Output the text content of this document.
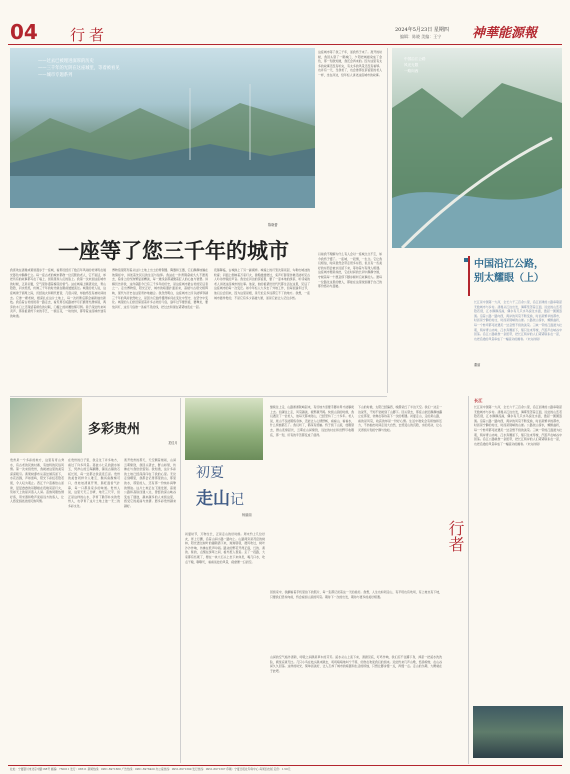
04 行者	2024年5月23日 星期四
编辑：陈晓 美编：王宁 神華能源報
——过去已被埋进深厚的历史
——三千年的光阴在这座城里，等着被看见
——城市专题系列
一座等了您三千年的城市
陈晓蕾
我喜欢在清晨或黄昏漫步于一座城，看那些经历了数百年风雨的老建筑在晨光暮色中静静伫立。每一座古老的城市都像一位沉默的老人，它不说话，却把所有的故事都写在了墙上、街巷里和人们的脸上。我第一次来到这座城市的时候，正是初夏，空气里弥漫着槐花的香气。站在城墙上眺望远处，青山隐隐，河水悠悠，仿佛三千年的时光就在眼前缓缓流过。城里的老人说，这座城建于商周之际，历经战火和朝代更替，几度兴衰，却始终没有被时间抹去。它像一棵老树，根深扎在这片土地上，每一次折断后都会重新抽出新枝。我沿着古老的街巷一路走去，看见青石板路被岁月打磨得光滑如镜，两旁的木门上还残留着褪色的对联，门楣上的砖雕依稀可辨。巷子深处传来叫卖声，那是祖辈传下来的手艺，一碗豆花，一块烧饼，都带着这座城市独有的味道。
博物馆里陈列着从这片土地上出土的青铜器、陶器和玉器，它们静静地躺在玻璃柜中，讲述着先民们的生活与信仰。我站在一件青铜鼎前久久不愿离去，鼎身上的纹饰繁复而精美，每一道线条都凝聚着匠人的心血与智慧。讲解员告诉我，这件鼎距今已有三千多年的历史，是这座城市最古老的见证者之一。走出博物馆，阳光正好，城市的喧嚣扑面而来，高楼与古塔交相辉映，现代与历史在这里奇妙地融合。我忽然明白，这座城市之所以能够穿越三千年的风雨依然屹立，是因为它始终懂得如何在变化中坚守，在坚守中变化。城里的人们依旧保留着许多古老的习俗，逢年过节要祭祖，要舞龙，要放河灯，这些习俗像一条看不见的线，把过去和现在紧紧地连在一起。
夜幕降临，古城换上了另一副模样。城墙上的灯笼次第亮起，勾勒出城池的轮廓；河面上倒映着万家灯火，游船缓缓驶过，桨声灯影里仿佛还能听见古人吟诗作赋的声音。我坐在河边的茶馆里，要了一壶本地的绿茶，听邻桌的老人讲述这座城市的往事。他说，他的祖辈世世代代都生活在这里，见证了这座城市的每一次变迁。如今年轻人大多去了外地工作，但每到逢年过节，他们总会回来，因为这里是根，是无论走多远都忘不了的地方。我想，一座城市最珍贵的，不是它有多少高楼大厦，而是它能让人记住乡愁。
这座城市等了我三千年，而我终于来了。离开的时候，我回头望了一眼城门，夕阳把城楼染成了金色，那一刻我知道，我还会再来的。因为这里有太多的故事还没有听完，有太多的风景还没有看够。也许有一天，当我老了，也会像那位茶馆里的老人一样，坐在河边，给年轻人讲述这座城市的故事。
以前我不理解为什么有人会对一座城念念不忘，如今我终于懂了。一座城，一段情，一生念。它让我们相信，时间虽然会带走很多东西，但总有一些美好的东西会被永远留下来，等待着与有缘人相遇。这座城市便是如此，它在时间的长河中静静守候，守候着每一个愿意停下脚步倾听它故事的人。愿每一位路过这里的旅人，都能在这里找到属于自己的那份感动与温暖。
中国沿江公路
风光无限
一路向西
中国沿江公路，
别太耀眼（上）
长江是中国第一大河，全长六千三百余公里，沿江而建的公路串联起无数城市与乡村。清晨从江边出发，薄雾笼罩着江面，远处的山峦若隐若现，江水静静流淌，偶尔有几只水鸟掠过水面，激起一圈圈涟漪。沿着公路一路向西，两岸的风景不断变换，时而是繁华的都市，时而是宁静的村庄，时而是陡峭的山崖。公路依山傍水，蜿蜒曲折，每一个转弯都可能遇见一处意想不到的美景。三峡一带的江面最为壮观，两岸青山夹峙，江水奔腾而下，船只往来穿梭，汽笛声在峡谷中回荡。沿江公路就像一条纽带，把长江两岸的人们紧紧联系在一起，也把沿途的风景串成了一幅流动的画卷。（未完待续）
董丽
长江
长江是中国第一大河，全长六千三百余公里，沿江而建的公路串联起无数城市与乡村。清晨从江边出发，薄雾笼罩着江面，远处的山峦若隐若现，江水静静流淌，偶尔有几只水鸟掠过水面，激起一圈圈涟漪。沿着公路一路向西，两岸的风景不断变换，时而是繁华的都市，时而是宁静的村庄，时而是陡峭的山崖。公路依山傍水，蜿蜒曲折，每一个转弯都可能遇见一处意想不到的美景。三峡一带的江面最为壮观，两岸青山夹峙，江水奔腾而下，船只往来穿梭，汽笛声在峡谷中回荡。沿江公路就像一条纽带，把长江两岸的人们紧紧联系在一起，也把沿途的风景串成了一幅流动的画卷。（未完待续）
行者
多彩贵州
龙佳月
贵州是一个多彩的地方，这里有奇山秀水，有古老的民族村寨，有独特的民俗风情。第一次来到贵州，我就被这里的美景深深吸引。黄果树瀑布从高处倾泻而下，水花四溅，声如雷鸣，阳光下彩虹若隐若现，令人叹为观止。西江千户苗寨依山而建，层层叠叠的吊脚楼在夜晚亮起灯火，宛如天上的星河落入人间。苗族同胞热情好客，用米酒和歌声迎接远方的客人，让人感受到浓浓的民族风情。
在贵州的日子里，我走过了许多地方，看过了许多风景。荔波小七孔的碧水如玉，梵净山的云海翻腾，镇远古镇的石板长街，每一处都让我流连忘返。贵州的美食同样令人难忘，酸汤鱼酸辣可口，丝娃娃清爽开胃，肠旺面香气扑鼻，每一口都是家乡的味道。贵州人说，这里天无三日晴，地无三尺平，但正是这样的山水，孕育了勤劳朴实的贵州人，也孕育了这片土地上独一无二的多彩文化。
离开贵州的那天，天空飘着细雨，山间云雾缭绕，我回头望去，群山如黛，仿佛在与我依依惜别。我知道，这片多彩的土地已经深深印在了我的心里。无论走到哪里，我都会记得那里的山，那里的水，那里的人，还有那一份纯朴真挚的情谊。这片土地正在飞速发展，高速公路和高铁四通八达，曾经的深山峡谷变成了通途，越来越多的人来到这里，感受它的美丽与热情。愿多彩贵州越来越好。
初夏
走山记
杨丽丽
初夏时节，万物生长，正是走山的好时候。周末约上几位好友，背上行囊，沿着山间小路一路向上。山路两旁是茂密的树林，阳光透过树叶的缝隙洒下来，斑斑驳驳，微风吹过，树叶沙沙作响，仿佛在低声吟唱。路边的野花开得正盛，红的、黄的、紫的，点缀在绿草之间，格外惹人喜爱。走了一段路，大家都有些累了，便在一块大石头上坐下来休息，喝几口水，吃点干粮，聊聊天，看看远处的风景，疲惫便一扫而空。
继续往上走，山路渐渐陡峭起来，有些地方需要手脚并用才能攀爬上去。但越往上走，风景越美，视野越开阔。快到山顶的时候，我们遇见了一位老人，他每天都来爬山，已经坚持了二十多年。老人说，爬山不仅能锻炼身体，还能让人心情舒畅，看看山，看看水，什么烦恼都忘了。我们听了，都深有感触。终于到了山顶，放眼望去，群山连绵起伏，云雾在山间缭绕，远处的村庄和田野尽收眼底，那一刻，所有的辛苦都变成了值得。
下山的时候，太阳已经偏西，晚霞染红了半边天空。我们一边走一边说笑，不知不觉就到了山脚下。回头望去，那座山依旧静静地矗立在那里，仿佛在等待着下一次的相遇。初夏走山，走的是山路，看的是风景，收获的却是一份好心情。生活中难免会有烦恼和压力，不妨抽出时间走进大自然，去感受山的沉稳，水的灵动，让心灵得到片刻的宁静与放松。
回到家中，我翻看着手机里拍下的照片，每一张都记录着这一天的美好。我想，人生也如同走山，有平坦也有坎坷，有上坡也有下坡，只要我们坚持向前，终会看到山顶的风景。期待下一次的出发，期待与更多的美好相遇。
山间的空气格外清新，呼吸之间满是草木的芬芳。溪水从山上流下来，清澈见底，叮咚作响，我们忍不住蹲下身，捧起一把溪水洗洗脸，顿觉凉爽无比。几只小鸟在枝头跳来跳去，叽叽喳喳地叫个不停，好像在欢迎我们的到来。远处传来几声山歌，悠扬婉转，在山谷间久久回荡。这样的时光，简单而美好，让人忘却了城市的喧嚣和生活的烦恼，只想让脚步慢一点，再慢一点。走山的乐趣，大概就在于此吧。
社址：宁夏银川市北京中路168号 邮编：750011 发行：08511 新闻热线：0951-6971680 广告热线：0951-6978420 办公室热线：0951-6971390 发行热线：0951-6971307 印刷：宁夏日报社印务中心 每周四出版 定价：1.50元
